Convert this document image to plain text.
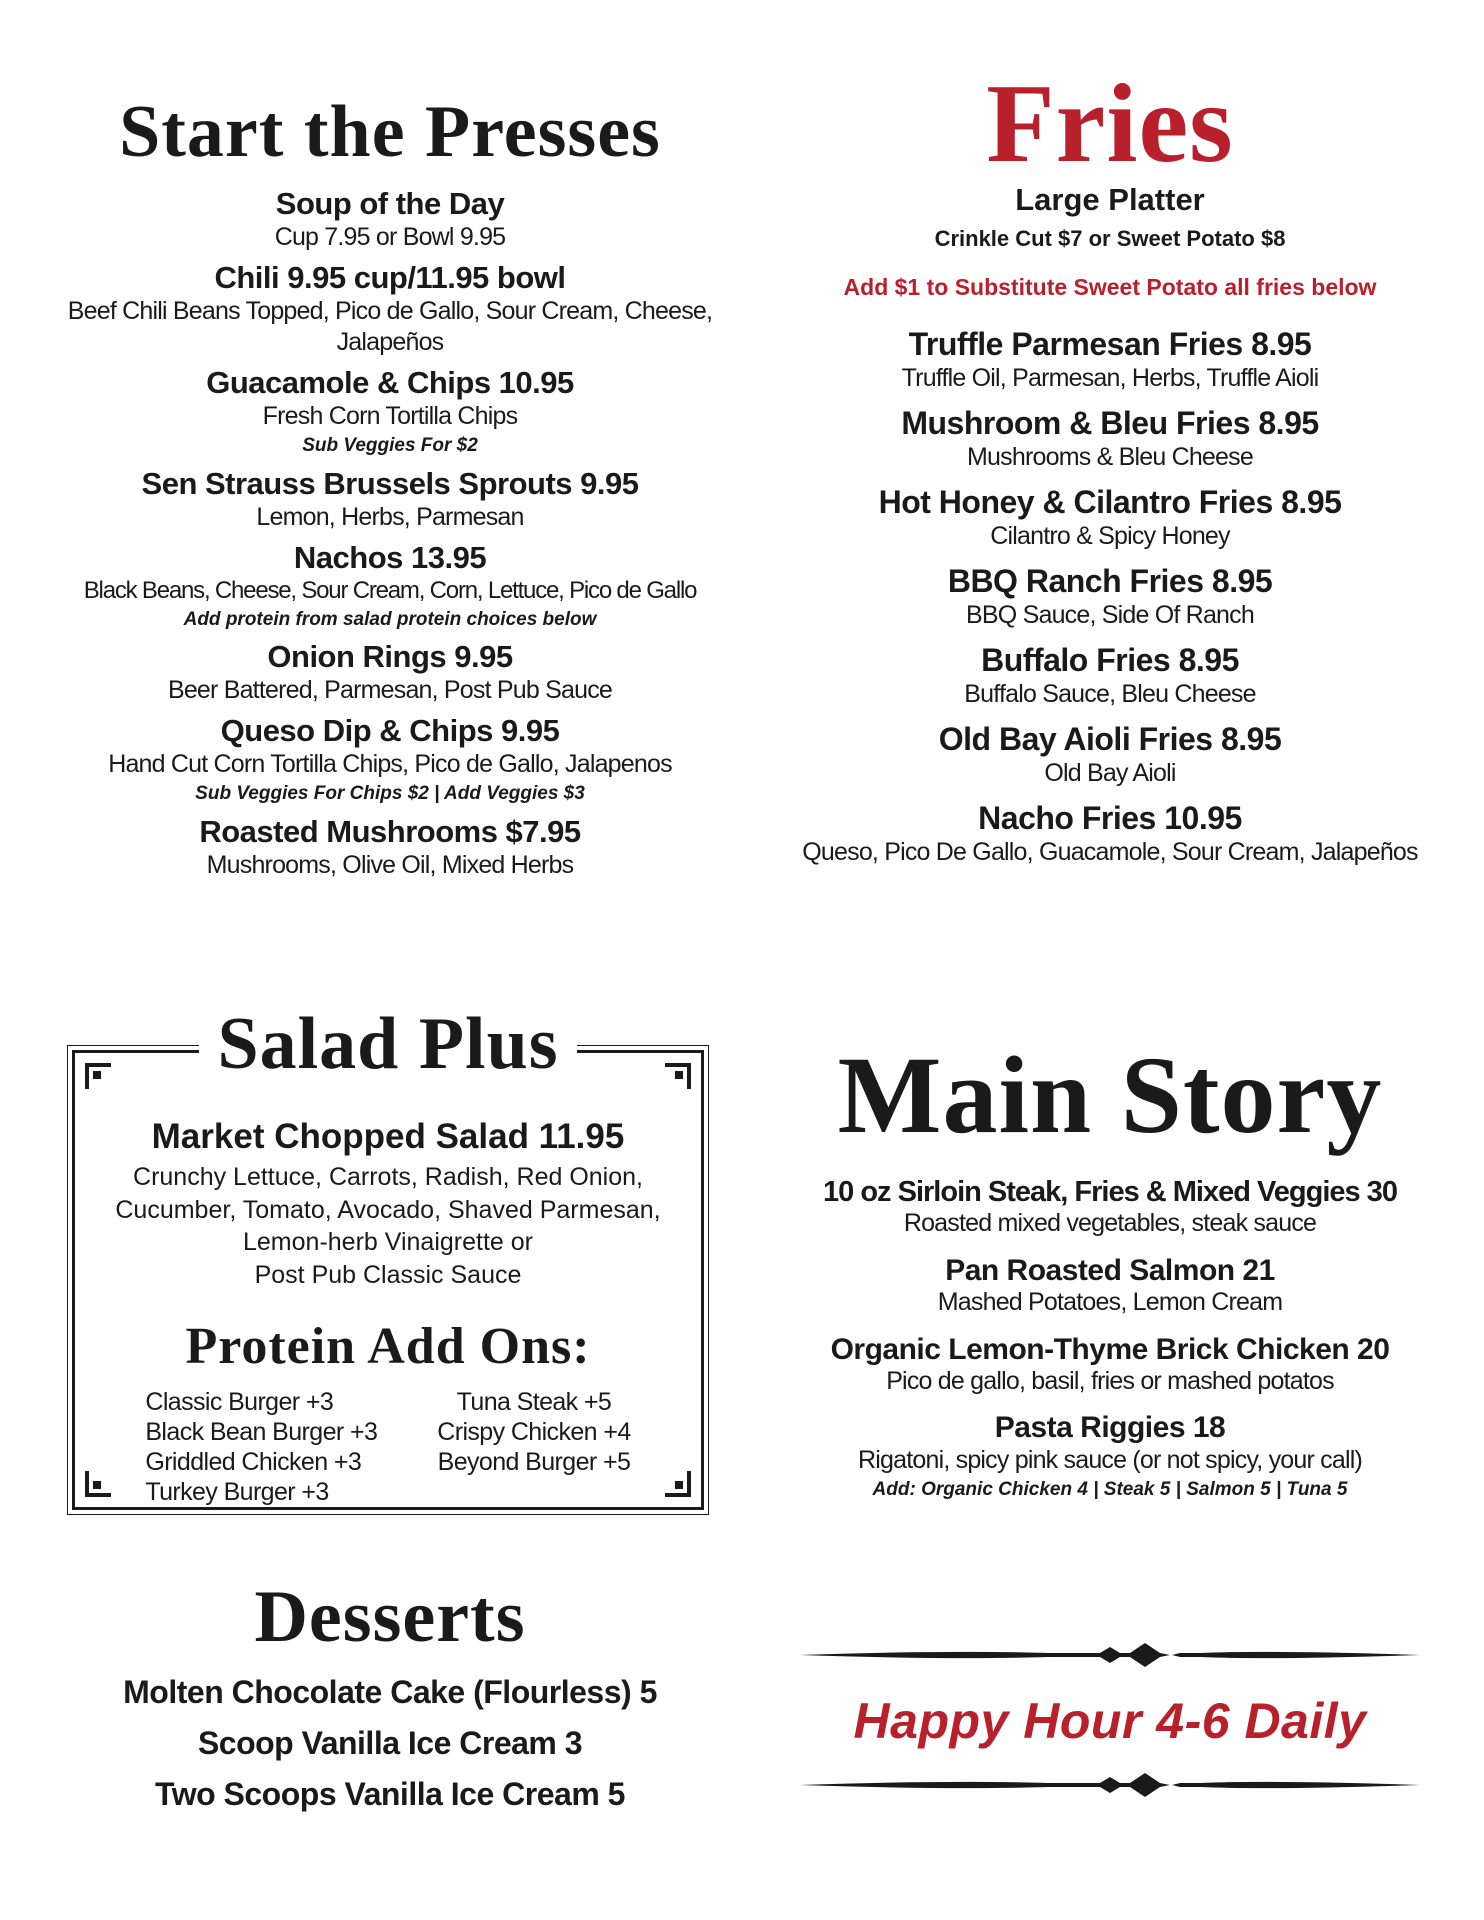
Start the Presses

Soup of the Day

Cup 7.95 or Bowl 9.95

Chili 9.95 cup/11.95 bowl

Beef Chili Beans Topped, Pico de Gallo, Sour Cream, Cheese, Jalapeños

Guacamole & Chips 10.95

Fresh Corn Tortilla Chips

Sub Veggies For $2

Sen Strauss Brussels Sprouts 9.95

Lemon, Herbs, Parmesan

Nachos 13.95

Black Beans, Cheese, Sour Cream, Corn, Lettuce, Pico de Gallo

Add protein from salad protein choices below

Onion Rings 9.95

Beer Battered, Parmesan, Post Pub Sauce

Queso Dip & Chips 9.95

Hand Cut Corn Tortilla Chips, Pico de Gallo, Jalapenos

Sub Veggies For Chips $2 | Add Veggies $3

Roasted Mushrooms $7.95

Mushrooms, Olive Oil, Mixed Herbs

Fries

Large Platter

Crinkle Cut $7 or Sweet Potato $8

Add $1 to Substitute Sweet Potato all fries below

Truffle Parmesan Fries 8.95

Truffle Oil, Parmesan, Herbs, Truffle Aioli

Mushroom & Bleu Fries 8.95

Mushrooms & Bleu Cheese

Hot Honey & Cilantro Fries 8.95

Cilantro & Spicy Honey

BBQ Ranch Fries 8.95

BBQ Sauce, Side Of Ranch

Buffalo Fries 8.95

Buffalo Sauce, Bleu Cheese

Old Bay Aioli Fries 8.95

Old Bay Aioli

Nacho Fries 10.95

Queso, Pico De Gallo, Guacamole, Sour Cream, Jalapeños

Salad Plus

Market Chopped Salad 11.95

Crunchy Lettuce, Carrots, Radish, Red Onion,

Cucumber, Tomato, Avocado, Shaved Parmesan,

Lemon-herb Vinaigrette or

Post Pub Classic Sauce

Protein Add Ons:

Classic Burger +3

Black Bean Burger +3

Griddled Chicken +3

Turkey Burger +3

Tuna Steak +5

Crispy Chicken +4

Beyond Burger +5

Desserts

Molten Chocolate Cake (Flourless) 5

Scoop Vanilla Ice Cream 3

Two Scoops Vanilla Ice Cream 5

Main Story

10 oz Sirloin Steak, Fries & Mixed Veggies 30

Roasted mixed vegetables, steak sauce

Pan Roasted Salmon 21

Mashed Potatoes, Lemon Cream

Organic Lemon-Thyme Brick Chicken 20

Pico de gallo, basil, fries or mashed potatos

Pasta Riggies 18

Rigatoni, spicy pink sauce (or not spicy, your call)

Add: Organic Chicken 4 | Steak 5 | Salmon 5 | Tuna 5

Happy Hour 4-6 Daily
